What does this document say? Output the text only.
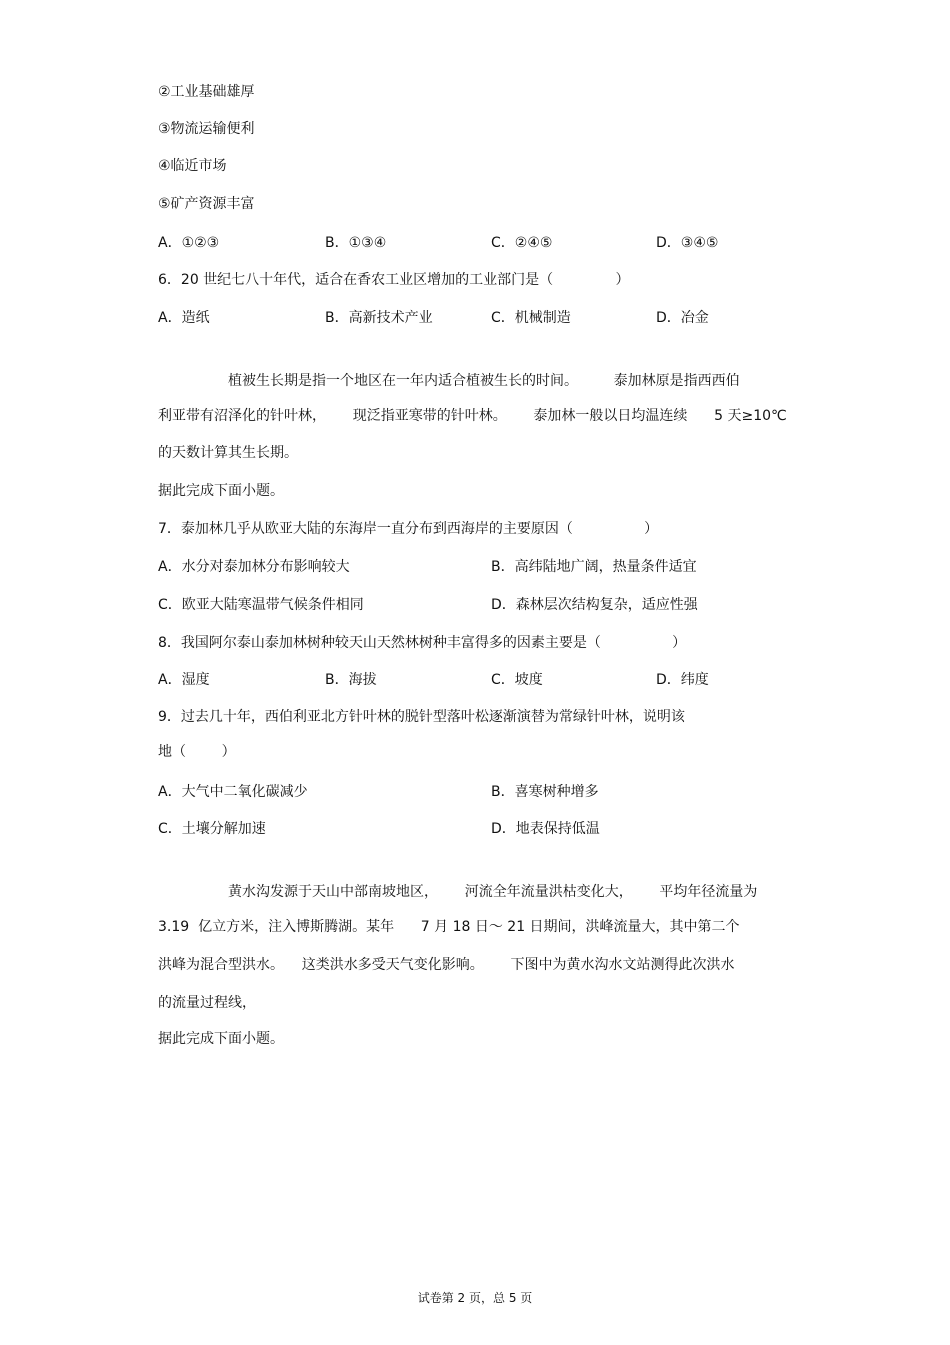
②工业基础雄厚
③物流运输便利
④临近市场
⑤矿产资源丰富
A．①②③	B．①③④	C．②④⑤	D．③④⑤
6．20 世纪七八十年代，适合在香农工业区增加的工业部门是（              ）
A．造纸	B．高新技术产业	C．机械制造	D．冶金
植被生长期是指一个地区在一年内适合植被生长的时间。        泰加林原是指西西伯
利亚带有沼泽化的针叶林，      现泛指亚寒带的针叶林。      泰加林一般以日均温连续      5 天≥10℃
的天数计算其生长期。
据此完成下面小题。
7．泰加林几乎从欧亚大陆的东海岸一直分布到西海岸的主要原因（                ）
A．水分对泰加林分布影响较大	B．高纬陆地广阔，热量条件适宜
C．欧亚大陆寒温带气候条件相同	D．森林层次结构复杂，适应性强
8．我国阿尔泰山泰加林树种较天山天然林树种丰富得多的因素主要是（                ）
A．湿度	B．海拔	C．坡度	D．纬度
9．过去几十年，西伯利亚北方针叶林的脱针型落叶松逐渐演替为常绿针叶林，说明该
地（        ）
A．大气中二氧化碳减少	B．喜寒树种增多
C．土壤分解加速	D．地表保持低温
黄水沟发源于天山中部南坡地区，      河流全年流量洪枯变化大，      平均年径流量为
3.19  亿立方米，注入博斯腾湖。某年      7 月 18 日～ 21 日期间，洪峰流量大，其中第二个
洪峰为混合型洪水。    这类洪水多受天气变化影响。      下图中为黄水沟水文站测得此次洪水
的流量过程线，
据此完成下面小题。
试卷第 2 页，总 5 页
